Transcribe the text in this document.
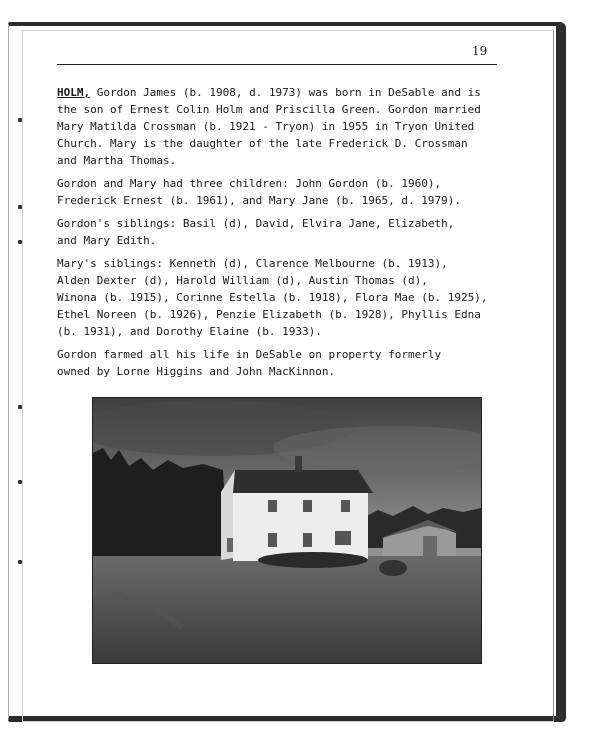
19

HOLM, Gordon James (b. 1908, d. 1973) was born in DeSable and is
the son of Ernest Colin Holm and Priscilla Green. Gordon married
Mary Matilda Crossman (b. 1921 - Tryon) in 1955 in Tryon United
Church. Mary is the daughter of the late Frederick D. Crossman
and Martha Thomas.

Gordon and Mary had three children: John Gordon (b. 1960),
Frederick Ernest (b. 1961), and Mary Jane (b. 1965, d. 1979).

Gordon's siblings: Basil (d), David, Elvira Jane, Elizabeth,
and Mary Edith.

Mary's siblings: Kenneth (d), Clarence Melbourne (b. 1913),
Alden Dexter (d), Harold William (d), Austin Thomas (d),
Winona (b. 1915), Corinne Estella (b. 1918), Flora Mae (b. 1925),
Ethel Noreen (b. 1926), Penzie Elizabeth (b. 1928), Phyllis Edna
(b. 1931), and Dorothy Elaine (b. 1933).

Gordon farmed all his life in DeSable on property formerly
owned by Lorne Higgins and John MacKinnon.
